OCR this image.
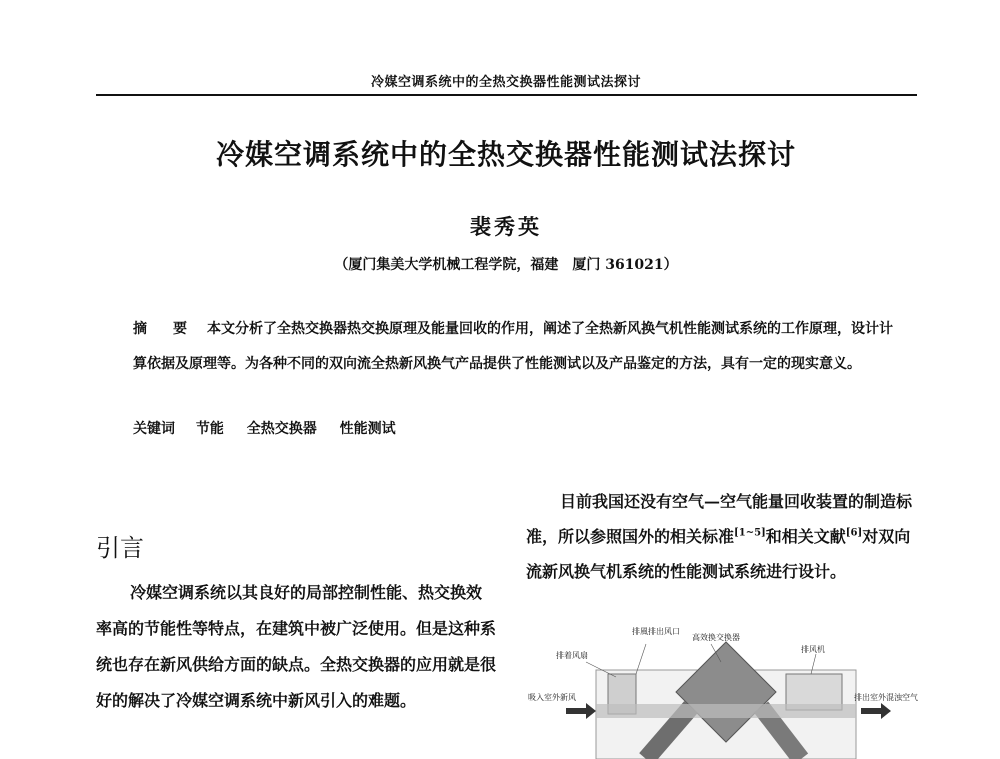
冷媒空调系统中的全热交换器性能测试法探讨
冷媒空调系统中的全热交换器性能测试法探讨
裴秀英
（厦门集美大学机械工程学院，福建　厦门 361021）
摘　要 本文分析了全热交换器热交换原理及能量回收的作用，阐述了全热新风换气机性能测试系统的工作原理，设计计算依据及原理等。为各种不同的双向流全热新风换气产品提供了性能测试以及产品鉴定的方法，具有一定的现实意义。
关键词 节能 全热交换器 性能测试
引言

冷媒空调系统以其良好的局部控制性能、热交换效率高的节能性等特点，在建筑中被广泛使用。但是这种系统也存在新风供给方面的缺点。全热交换器的应用就是很好的解决了冷媒空调系统中新风引入的难题。

目前我国还没有空气—空气能量回收装置的制造标准，所以参照国外的相关标准[1~5]和相关文献[6]对双向流新风换气机系统的性能测试系统进行设计。

排風排出风口
高效换交换器
排着风扇
排风机
吸入室外新风	排出室外混浊空气
